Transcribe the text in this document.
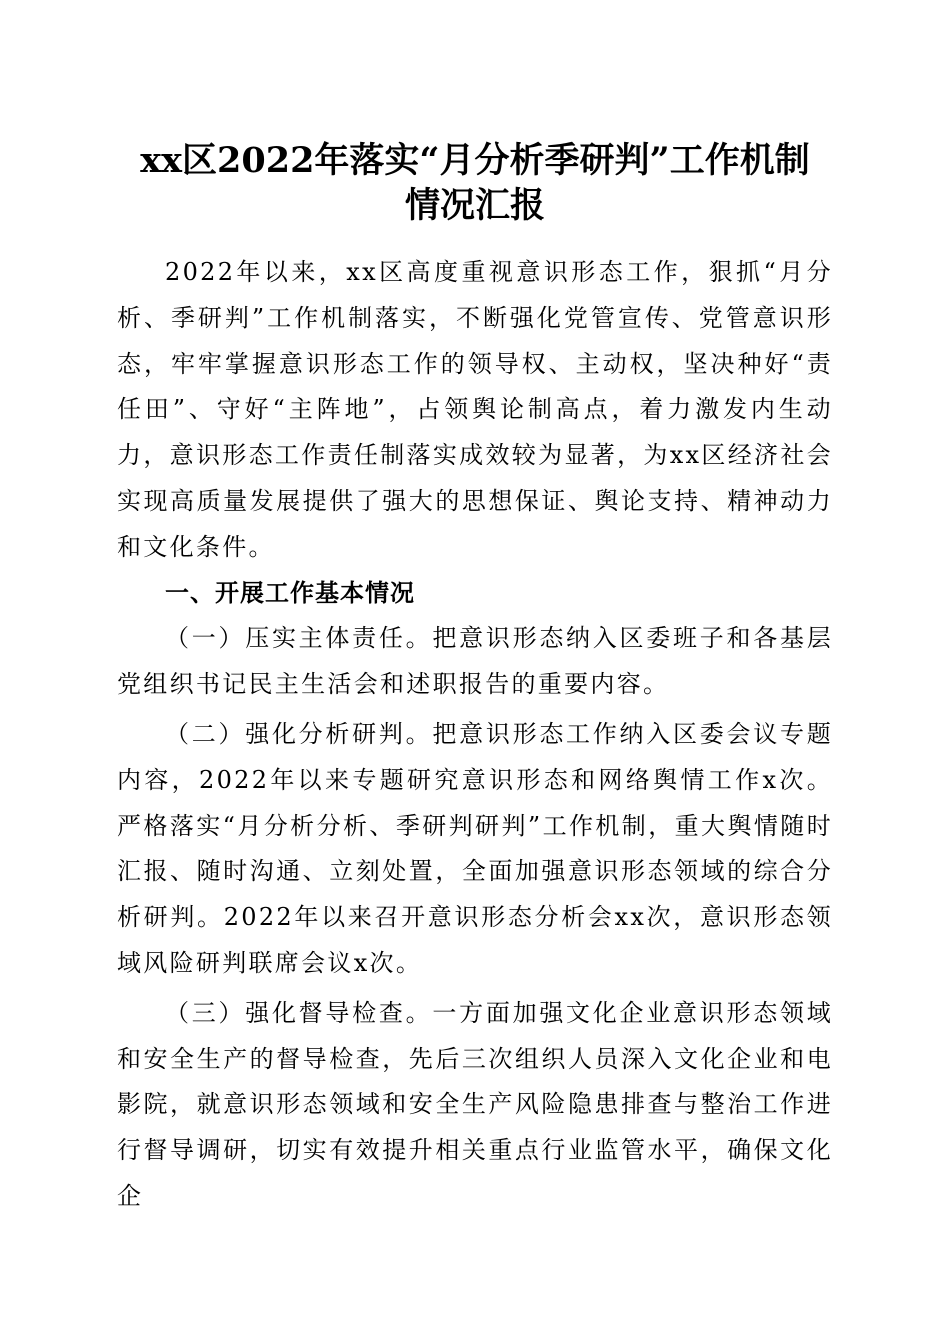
xx区2022年落实“月分析季研判”工作机制
情况汇报

2022年以来，xx区高度重视意识形态工作，狠抓“月分析、季研判”工作机制落实，不断强化党管宣传、党管意识形态，牢牢掌握意识形态工作的领导权、主动权，坚决种好“责任田”、守好“主阵地”，占领舆论制高点，着力激发内生动力，意识形态工作责任制落实成效较为显著，为xx区经济社会实现高质量发展提供了强大的思想保证、舆论支持、精神动力和文化条件。

一、开展工作基本情况

（一）压实主体责任。把意识形态纳入区委班子和各基层党组织书记民主生活会和述职报告的重要内容。

（二）强化分析研判。把意识形态工作纳入区委会议专题内容，2022年以来专题研究意识形态和网络舆情工作x次。严格落实“月分析分析、季研判研判”工作机制，重大舆情随时汇报、随时沟通、立刻处置，全面加强意识形态领域的综合分析研判。2022年以来召开意识形态分析会xx次，意识形态领域风险研判联席会议x次。

（三）强化督导检查。一方面加强文化企业意识形态领域和安全生产的督导检查，先后三次组织人员深入文化企业和电影院，就意识形态领域和安全生产风险隐患排查与整治工作进行督导调研，切实有效提升相关重点行业监管水平，确保文化企
